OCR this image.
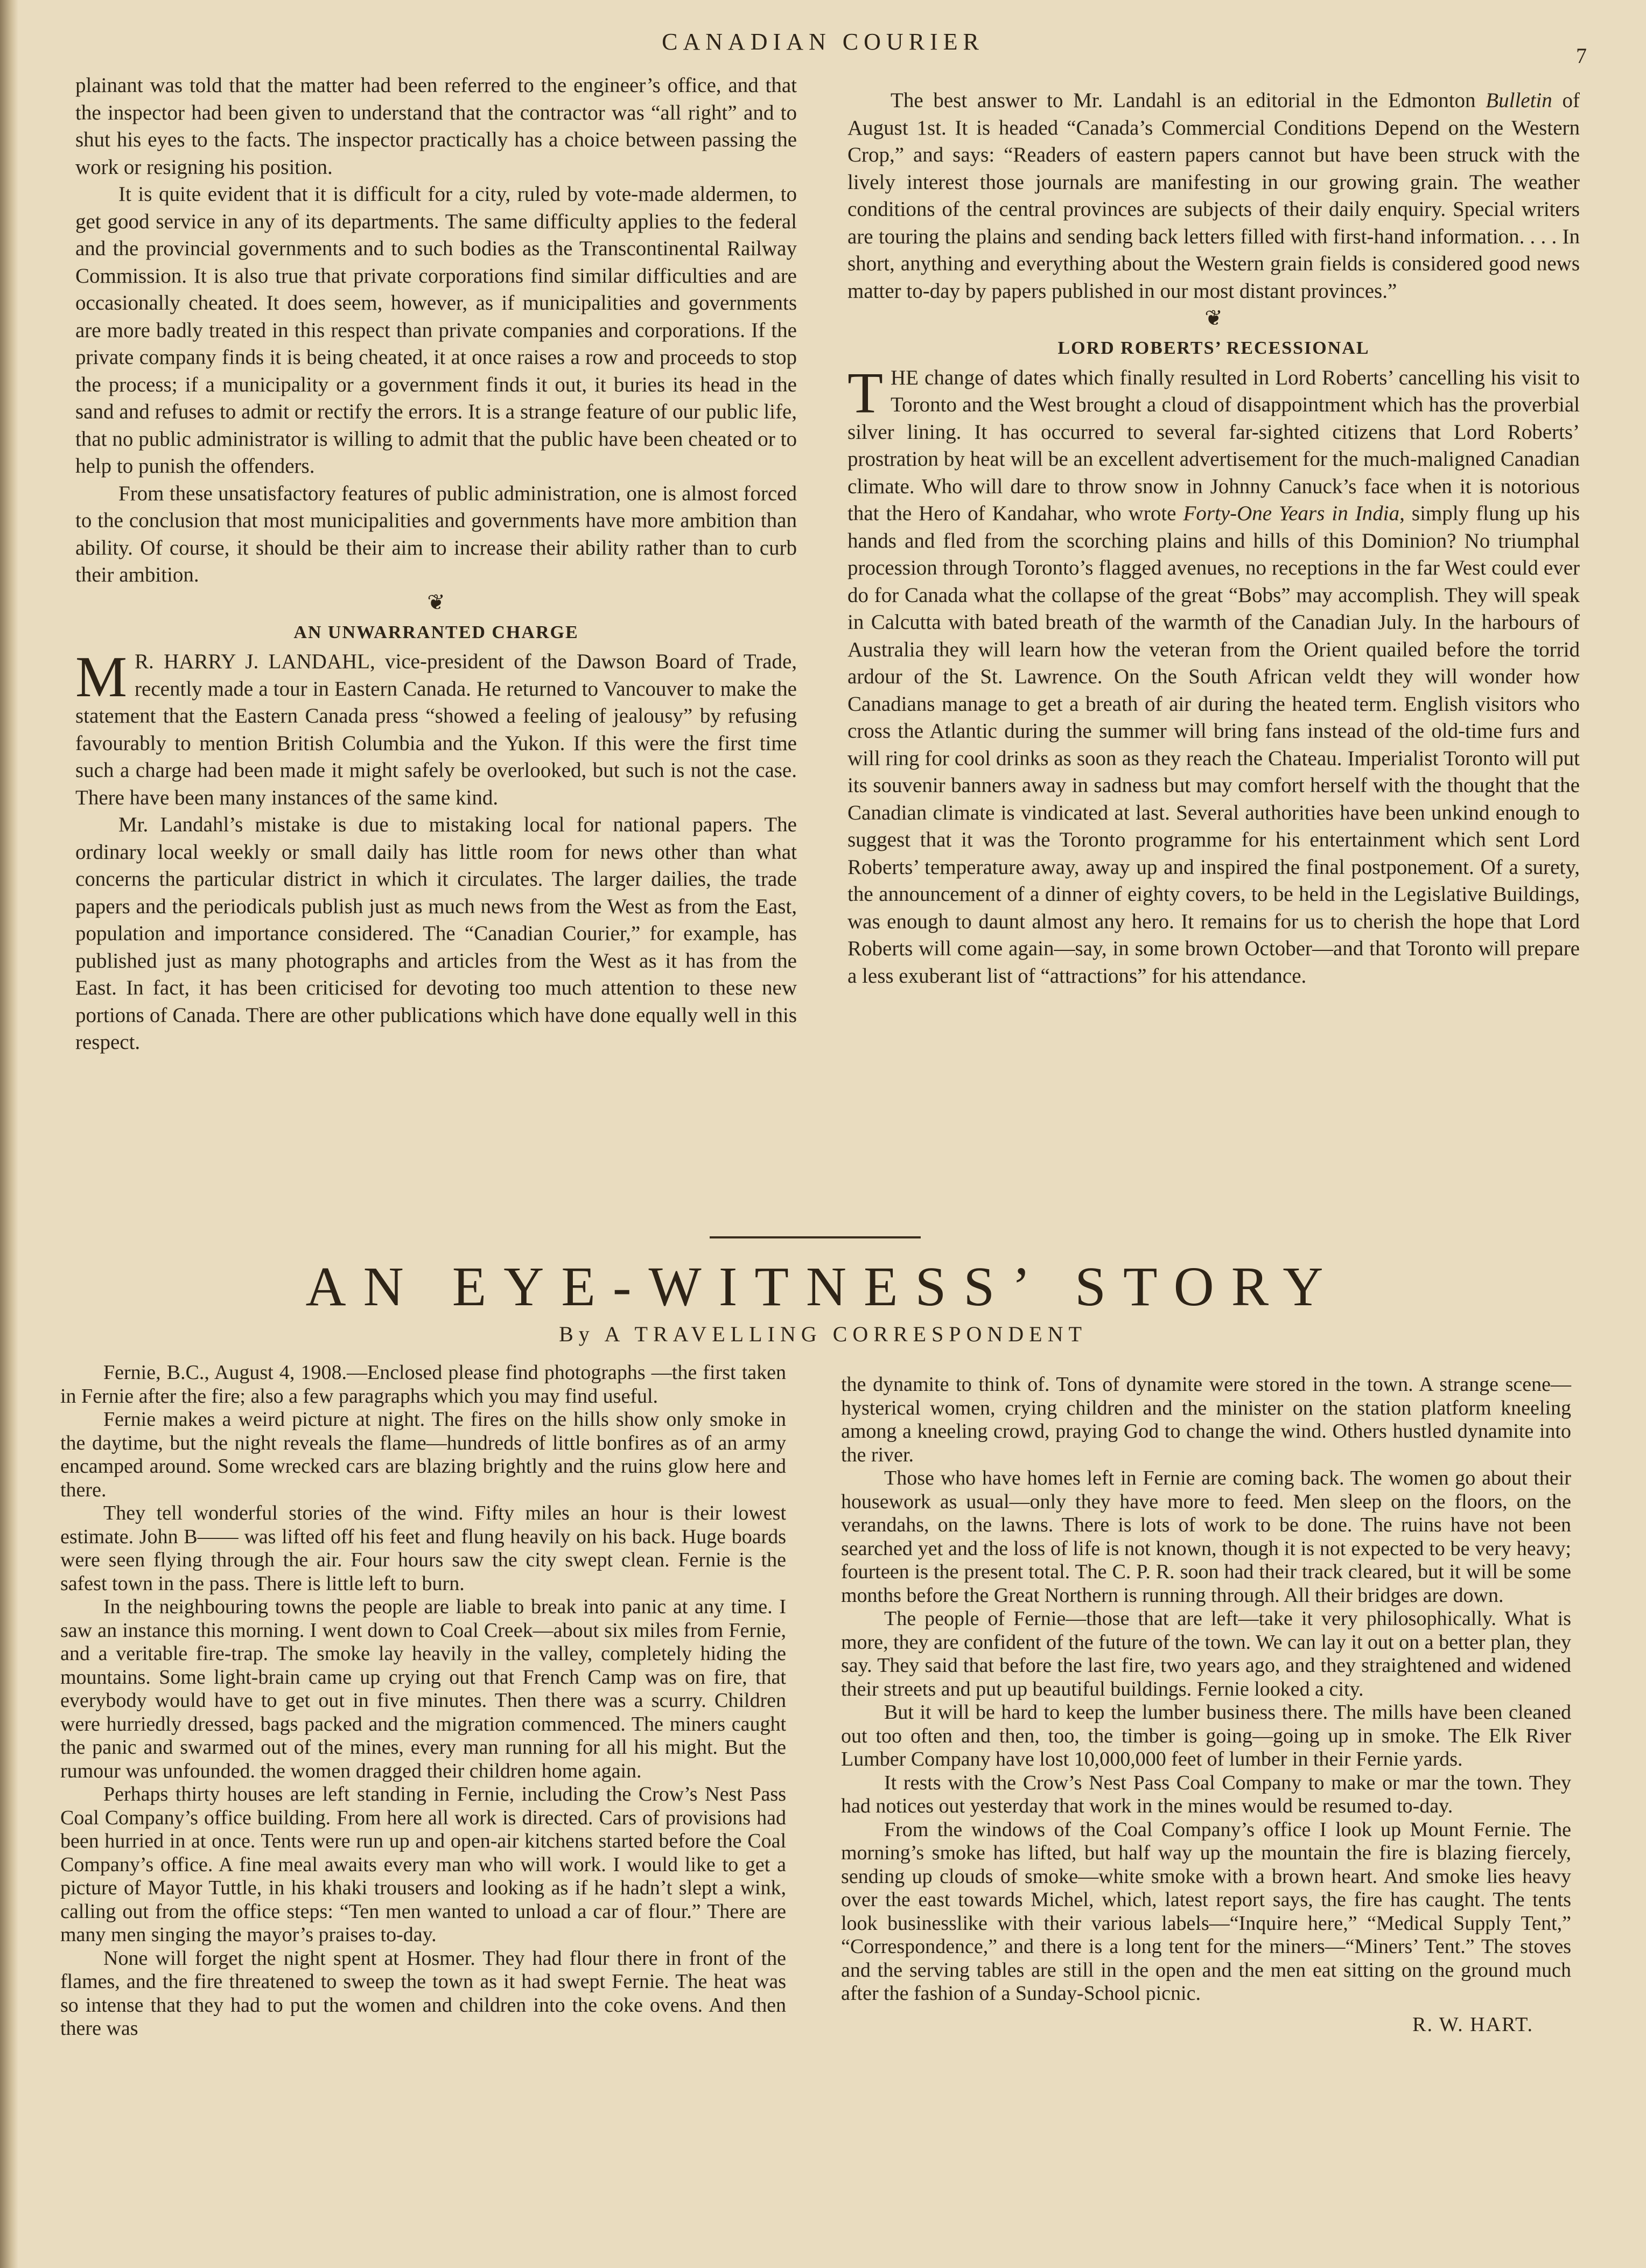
CANADIAN COURIER
7

plainant was told that the matter had been referred to the engineer’s office, and that the inspector had been given to understand that the contractor was “all right” and to shut his eyes to the facts. The inspector practically has a choice between passing the work or resigning his position.

It is quite evident that it is difficult for a city, ruled by vote-made aldermen, to get good service in any of its departments. The same difficulty applies to the federal and the provincial governments and to such bodies as the Transcontinental Railway Commission. It is also true that private corporations find similar difficulties and are occasionally cheated. It does seem, however, as if municipalities and governments are more badly treated in this respect than private companies and corporations. If the private company finds it is being cheated, it at once raises a row and proceeds to stop the process; if a municipality or a government finds it out, it buries its head in the sand and refuses to admit or rectify the errors. It is a strange feature of our public life, that no public administrator is willing to admit that the public have been cheated or to help to punish the offenders.

From these unsatisfactory features of public administration, one is almost forced to the conclusion that most municipalities and governments have more ambition than ability. Of course, it should be their aim to increase their ability rather than to curb their ambition.

❦
AN UNWARRANTED CHARGE

M R. HARRY J. LANDAHL, vice-president of the Dawson Board of Trade, recently made a tour in Eastern Canada. He returned to Vancouver to make the statement that the Eastern Canada press “showed a feeling of jealousy” by refusing favourably to mention British Columbia and the Yukon. If this were the first time such a charge had been made it might safely be overlooked, but such is not the case. There have been many instances of the same kind.

Mr. Landahl’s mistake is due to mistaking local for national papers. The ordinary local weekly or small daily has little room for news other than what concerns the particular district in which it circulates. The larger dailies, the trade papers and the periodicals publish just as much news from the West as from the East, population and importance considered. The “Canadian Courier,” for example, has published just as many photographs and articles from the West as it has from the East. In fact, it has been criticised for devoting too much attention to these new portions of Canada. There are other publications which have done equally well in this respect.

The best answer to Mr. Landahl is an editorial in the Edmonton Bulletin of August 1st. It is headed “Canada’s Commercial Conditions Depend on the Western Crop,” and says: “Readers of eastern papers cannot but have been struck with the lively interest those journals are manifesting in our growing grain. The weather conditions of the central provinces are subjects of their daily enquiry. Special writers are touring the plains and sending back letters filled with first-hand information. . . . In short, anything and everything about the Western grain fields is considered good news matter to-day by papers published in our most distant provinces.”

❦
LORD ROBERTS’ RECESSIONAL

THE change of dates which finally resulted in Lord Roberts’ cancelling his visit to Toronto and the West brought a cloud of disappointment which has the proverbial silver lining. It has occurred to several far-sighted citizens that Lord Roberts’ prostration by heat will be an excellent advertisement for the much-maligned Canadian climate. Who will dare to throw snow in Johnny Canuck’s face when it is notorious that the Hero of Kandahar, who wrote Forty-One Years in India, simply flung up his hands and fled from the scorching plains and hills of this Dominion? No triumphal procession through Toronto’s flagged avenues, no receptions in the far West could ever do for Canada what the collapse of the great “Bobs” may accomplish. They will speak in Calcutta with bated breath of the warmth of the Canadian July. In the harbours of Australia they will learn how the veteran from the Orient quailed before the torrid ardour of the St. Lawrence. On the South African veldt they will wonder how Canadians manage to get a breath of air during the heated term. English visitors who cross the Atlantic during the summer will bring fans instead of the old-time furs and will ring for cool drinks as soon as they reach the Chateau. Imperialist Toronto will put its souvenir banners away in sadness but may comfort herself with the thought that the Canadian climate is vindicated at last. Several authorities have been unkind enough to suggest that it was the Toronto programme for his entertainment which sent Lord Roberts’ temperature away, away up and inspired the final postponement. Of a surety, the announcement of a dinner of eighty covers, to be held in the Legislative Buildings, was enough to daunt almost any hero. It remains for us to cherish the hope that Lord Roberts will come again—say, in some brown October—and that Toronto will prepare a less exuberant list of “attractions” for his attendance.

AN EYE-WITNESS’ STORY
By A TRAVELLING CORRESPONDENT

Fernie, B.C., August 4, 1908.—Enclosed please find photographs —the first taken in Fernie after the fire; also a few paragraphs which you may find useful.

Fernie makes a weird picture at night. The fires on the hills show only smoke in the daytime, but the night reveals the flame—hundreds of little bonfires as of an army encamped around. Some wrecked cars are blazing brightly and the ruins glow here and there.

They tell wonderful stories of the wind. Fifty miles an hour is their lowest estimate. John B—— was lifted off his feet and flung heavily on his back. Huge boards were seen flying through the air. Four hours saw the city swept clean. Fernie is the safest town in the pass. There is little left to burn.

In the neighbouring towns the people are liable to break into panic at any time. I saw an instance this morning. I went down to Coal Creek—about six miles from Fernie, and a veritable fire-trap. The smoke lay heavily in the valley, completely hiding the mountains. Some light-brain came up crying out that French Camp was on fire, that everybody would have to get out in five minutes. Then there was a scurry. Children were hurriedly dressed, bags packed and the migration commenced. The miners caught the panic and swarmed out of the mines, every man running for all his might. But the rumour was unfounded. the women dragged their children home again.

Perhaps thirty houses are left standing in Fernie, including the Crow’s Nest Pass Coal Company’s office building. From here all work is directed. Cars of provisions had been hurried in at once. Tents were run up and open-air kitchens started before the Coal Company’s office. A fine meal awaits every man who will work. I would like to get a picture of Mayor Tuttle, in his khaki trousers and looking as if he hadn’t slept a wink, calling out from the office steps: “Ten men wanted to unload a car of flour.” There are many men singing the mayor’s praises to-day.

None will forget the night spent at Hosmer. They had flour there in front of the flames, and the fire threatened to sweep the town as it had swept Fernie. The heat was so intense that they had to put the women and children into the coke ovens. And then there was

the dynamite to think of. Tons of dynamite were stored in the town. A strange scene—hysterical women, crying children and the minister on the station platform kneeling among a kneeling crowd, praying God to change the wind. Others hustled dynamite into the river.

Those who have homes left in Fernie are coming back. The women go about their housework as usual—only they have more to feed. Men sleep on the floors, on the verandahs, on the lawns. There is lots of work to be done. The ruins have not been searched yet and the loss of life is not known, though it is not expected to be very heavy; fourteen is the present total. The C. P. R. soon had their track cleared, but it will be some months before the Great Northern is running through. All their bridges are down.

The people of Fernie—those that are left—take it very philosophically. What is more, they are confident of the future of the town. We can lay it out on a better plan, they say. They said that before the last fire, two years ago, and they straightened and widened their streets and put up beautiful buildings. Fernie looked a city.

But it will be hard to keep the lumber business there. The mills have been cleaned out too often and then, too, the timber is going—going up in smoke. The Elk River Lumber Company have lost 10,000,000 feet of lumber in their Fernie yards.

It rests with the Crow’s Nest Pass Coal Company to make or mar the town. They had notices out yesterday that work in the mines would be resumed to-day.

From the windows of the Coal Company’s office I look up Mount Fernie. The morning’s smoke has lifted, but half way up the mountain the fire is blazing fiercely, sending up clouds of smoke—white smoke with a brown heart. And smoke lies heavy over the east towards Michel, which, latest report says, the fire has caught. The tents look businesslike with their various labels—“Inquire here,” “Medical Supply Tent,” “Correspondence,” and there is a long tent for the miners—“Miners’ Tent.” The stoves and the serving tables are still in the open and the men eat sitting on the ground much after the fashion of a Sunday-School picnic.

R. W. HART.
